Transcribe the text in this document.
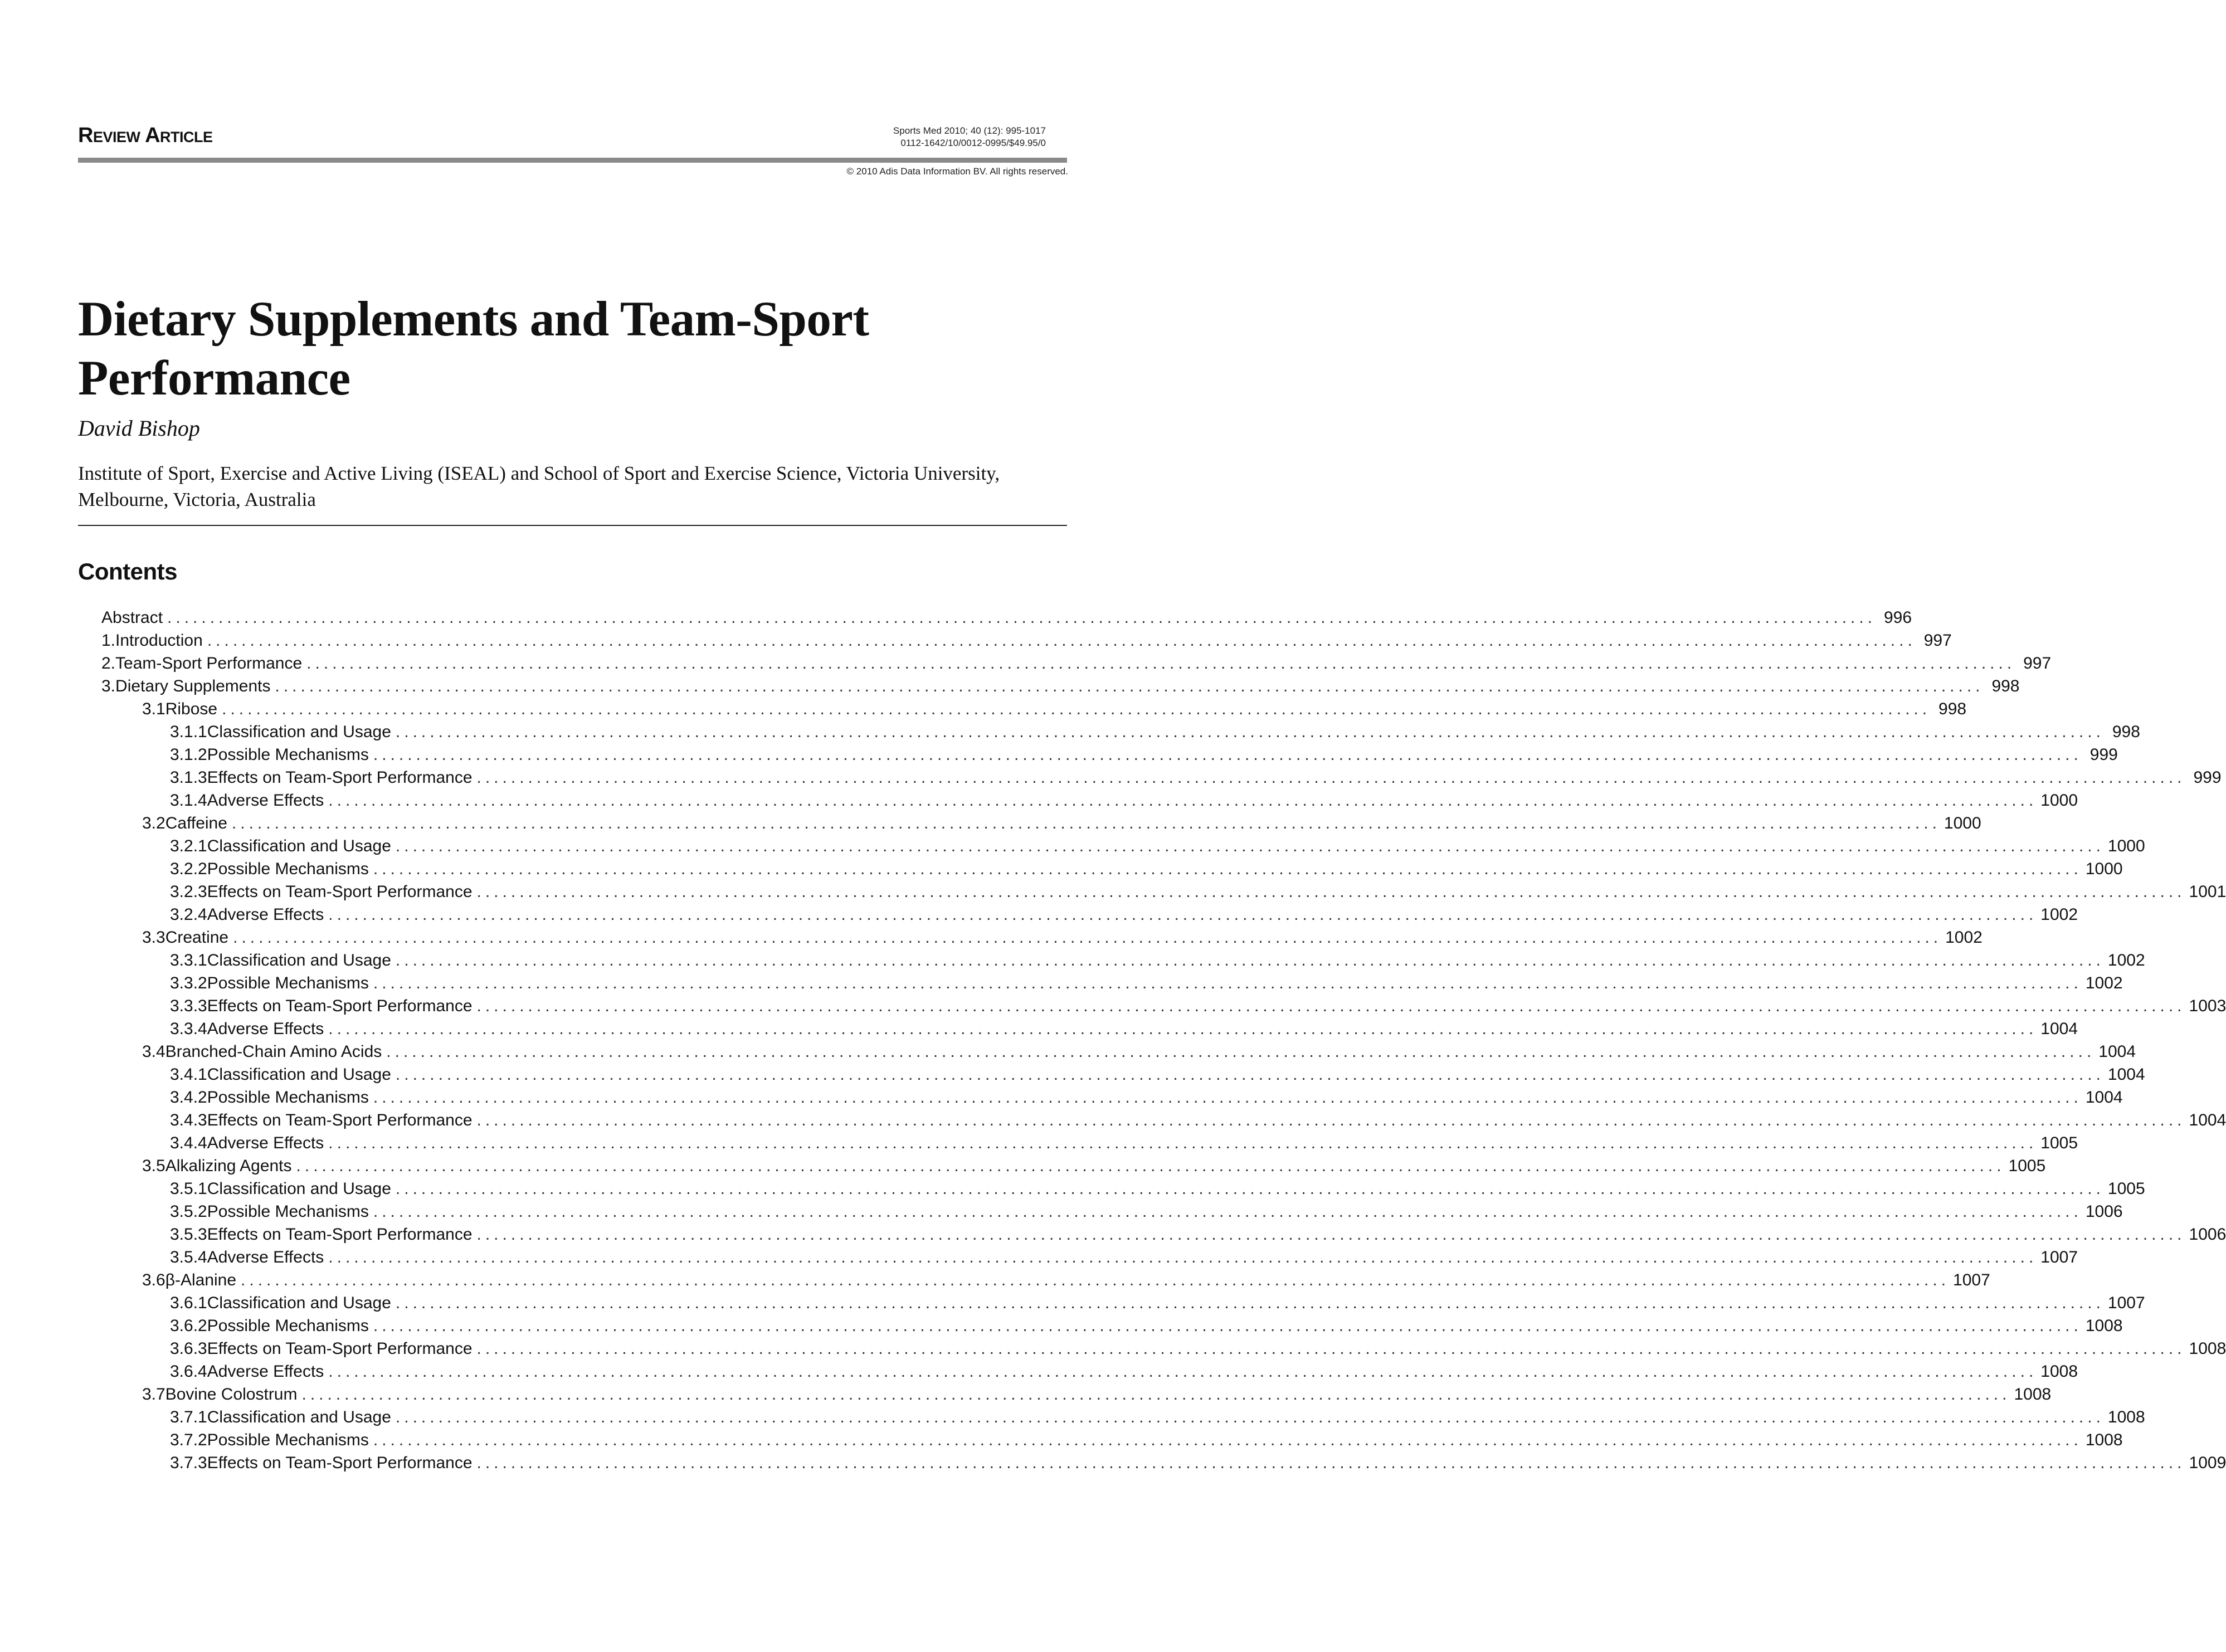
Review Article	Sports Med 2010; 40 (12): 995-1017
0112-1642/10/0012-0995/$49.95/0
© 2010 Adis Data Information BV. All rights reserved.
Dietary Supplements and Team-Sport Performance
David Bishop
Institute of Sport, Exercise and Active Living (ISEAL) and School of Sport and Exercise Science, Victoria University, Melbourne, Victoria, Australia
Contents
Abstract ........................................................................................................................................................................................................ 996
1. Introduction ........................................................................................................................................................................................................ 997
2. Team-Sport Performance ........................................................................................................................................................................................................ 997
3. Dietary Supplements ........................................................................................................................................................................................................ 998
3.1 Ribose ........................................................................................................................................................................................................ 998
3.1.1 Classification and Usage ........................................................................................................................................................................................................ 998
3.1.2 Possible Mechanisms ........................................................................................................................................................................................................ 999
3.1.3 Effects on Team-Sport Performance ........................................................................................................................................................................................................ 999
3.1.4 Adverse Effects ........................................................................................................................................................................................................ 1000
3.2 Caffeine ........................................................................................................................................................................................................ 1000
3.2.1 Classification and Usage ........................................................................................................................................................................................................ 1000
3.2.2 Possible Mechanisms ........................................................................................................................................................................................................ 1000
3.2.3 Effects on Team-Sport Performance ........................................................................................................................................................................................................ 1001
3.2.4 Adverse Effects ........................................................................................................................................................................................................ 1002
3.3 Creatine ........................................................................................................................................................................................................ 1002
3.3.1 Classification and Usage ........................................................................................................................................................................................................ 1002
3.3.2 Possible Mechanisms ........................................................................................................................................................................................................ 1002
3.3.3 Effects on Team-Sport Performance ........................................................................................................................................................................................................ 1003
3.3.4 Adverse Effects ........................................................................................................................................................................................................ 1004
3.4 Branched-Chain Amino Acids ........................................................................................................................................................................................................ 1004
3.4.1 Classification and Usage ........................................................................................................................................................................................................ 1004
3.4.2 Possible Mechanisms ........................................................................................................................................................................................................ 1004
3.4.3 Effects on Team-Sport Performance ........................................................................................................................................................................................................ 1004
3.4.4 Adverse Effects ........................................................................................................................................................................................................ 1005
3.5 Alkalizing Agents ........................................................................................................................................................................................................ 1005
3.5.1 Classification and Usage ........................................................................................................................................................................................................ 1005
3.5.2 Possible Mechanisms ........................................................................................................................................................................................................ 1006
3.5.3 Effects on Team-Sport Performance ........................................................................................................................................................................................................ 1006
3.5.4 Adverse Effects ........................................................................................................................................................................................................ 1007
3.6 β-Alanine ........................................................................................................................................................................................................ 1007
3.6.1 Classification and Usage ........................................................................................................................................................................................................ 1007
3.6.2 Possible Mechanisms ........................................................................................................................................................................................................ 1008
3.6.3 Effects on Team-Sport Performance ........................................................................................................................................................................................................ 1008
3.6.4 Adverse Effects ........................................................................................................................................................................................................ 1008
3.7 Bovine Colostrum ........................................................................................................................................................................................................ 1008
3.7.1 Classification and Usage ........................................................................................................................................................................................................ 1008
3.7.2 Possible Mechanisms ........................................................................................................................................................................................................ 1008
3.7.3 Effects on Team-Sport Performance ........................................................................................................................................................................................................ 1009
